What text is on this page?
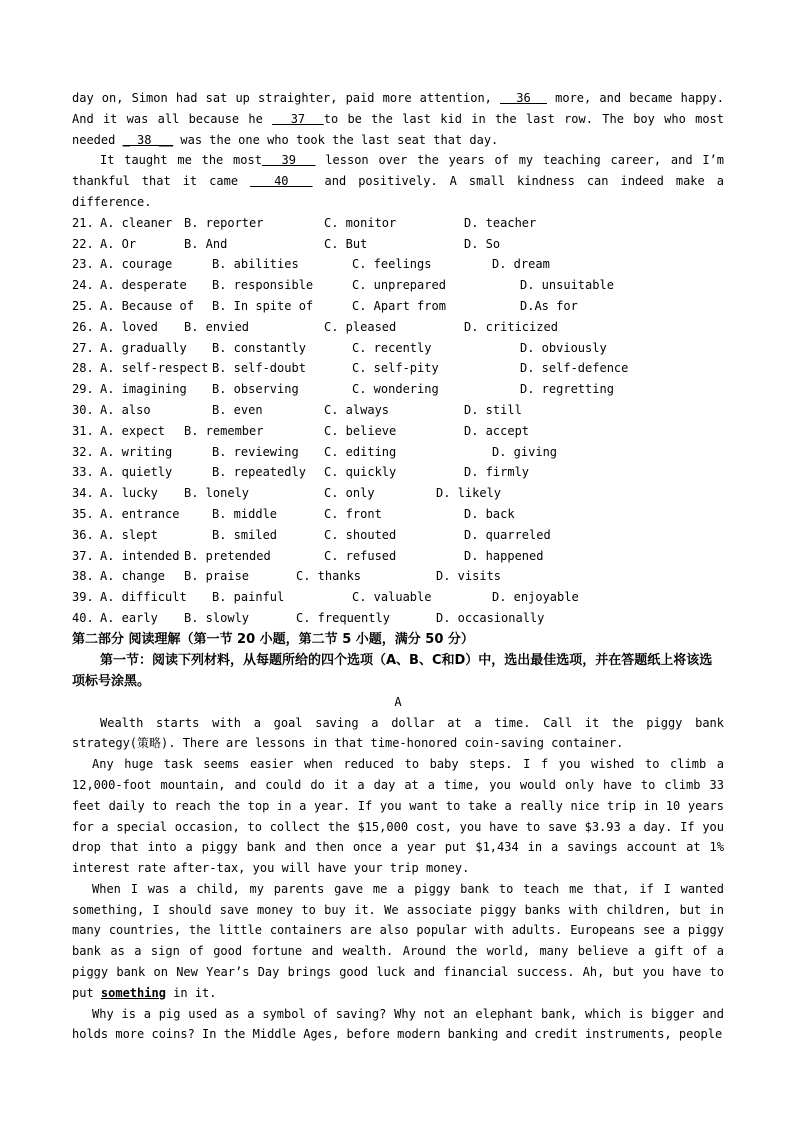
day on, Simon had sat up straighter, paid more attention,   36   more, and became happy. And it was all because he   37  to be the last kid in the last row. The boy who most needed _ 38 __ was the one who took the last seat that day.

It taught me the most  39   lesson over the years of my teaching career, and I’m thankful that it came   40   and positively. A small kindness can indeed make a difference.

21. A. cleaner B. reporter	C. monitor	D. teacher
22. A. Or	B. And	C. But	D. So
23. A. courage	B. abilities	C. feelings	D. dream
24. A. desperate B. responsible	C. unprepared	D. unsuitable
25. A. Because of B. In spite of	C. Apart from	D.As for
26. A. loved B. envied	C. pleased	D. criticized
27. A. gradually B. constantly	C. recently	D. obviously
28. A. self-respect B. self-doubt	C. self-pity	D. self-defence
29. A. imagining B. observing	C. wondering	D. regretting
30. A. also	B. even	C. always	D. still
31. A. expect B. remember	C. believe	D. accept
32. A. writing	B. reviewing C. editing	D. giving
33. A. quietly	B. repeatedly C. quickly	D. firmly
34. A. lucky B. lonely	C. only	D. likely
35. A. entrance	B. middle	C. front	D. back
36. A. slept	B. smiled	C. shouted	D. quarreled
37. A. intended B. pretended	C. refused	D. happened
38. A. change B. praise	C. thanks	D. visits
39. A. difficult B. painful	C. valuable	D. enjoyable
40. A. early B. slowly	C. frequently	D. occasionally

第二部分 阅读理解（第一节 20 小题，第二节 5 小题，满分 50 分）

第一节：阅读下列材料，从每题所给的四个选项（A、B、C和D）中，选出最佳选项，并在答题纸上将该选项标号涂黑。

A

Wealth starts with a goal saving a dollar at a time. Call it the piggy bank strategy(策略). There are lessons in that time-honored coin-saving container.

Any huge task seems easier when reduced to baby steps. I f you wished to climb a 12,000-foot mountain, and could do it a day at a time, you would only have to climb 33 feet daily to reach the top in a year. If you want to take a really nice trip in 10 years for a special occasion, to collect the $15,000 cost, you have to save $3.93 a day. If you drop that into a piggy bank and then once a year put $1,434 in a savings account at 1% interest rate after-tax, you will have your trip money.

When I was a child, my parents gave me a piggy bank to teach me that, if I wanted something, I should save money to buy it. We associate piggy banks with children, but in many countries, the little containers are also popular with adults. Europeans see a piggy bank as a sign of good fortune and wealth. Around the world, many believe a gift of a piggy bank on New Year’s Day brings good luck and financial success. Ah, but you have to put something in it.

Why is a pig used as a symbol of saving? Why not an elephant bank, which is bigger and holds more coins? In the Middle Ages, before modern banking and credit instruments, people
